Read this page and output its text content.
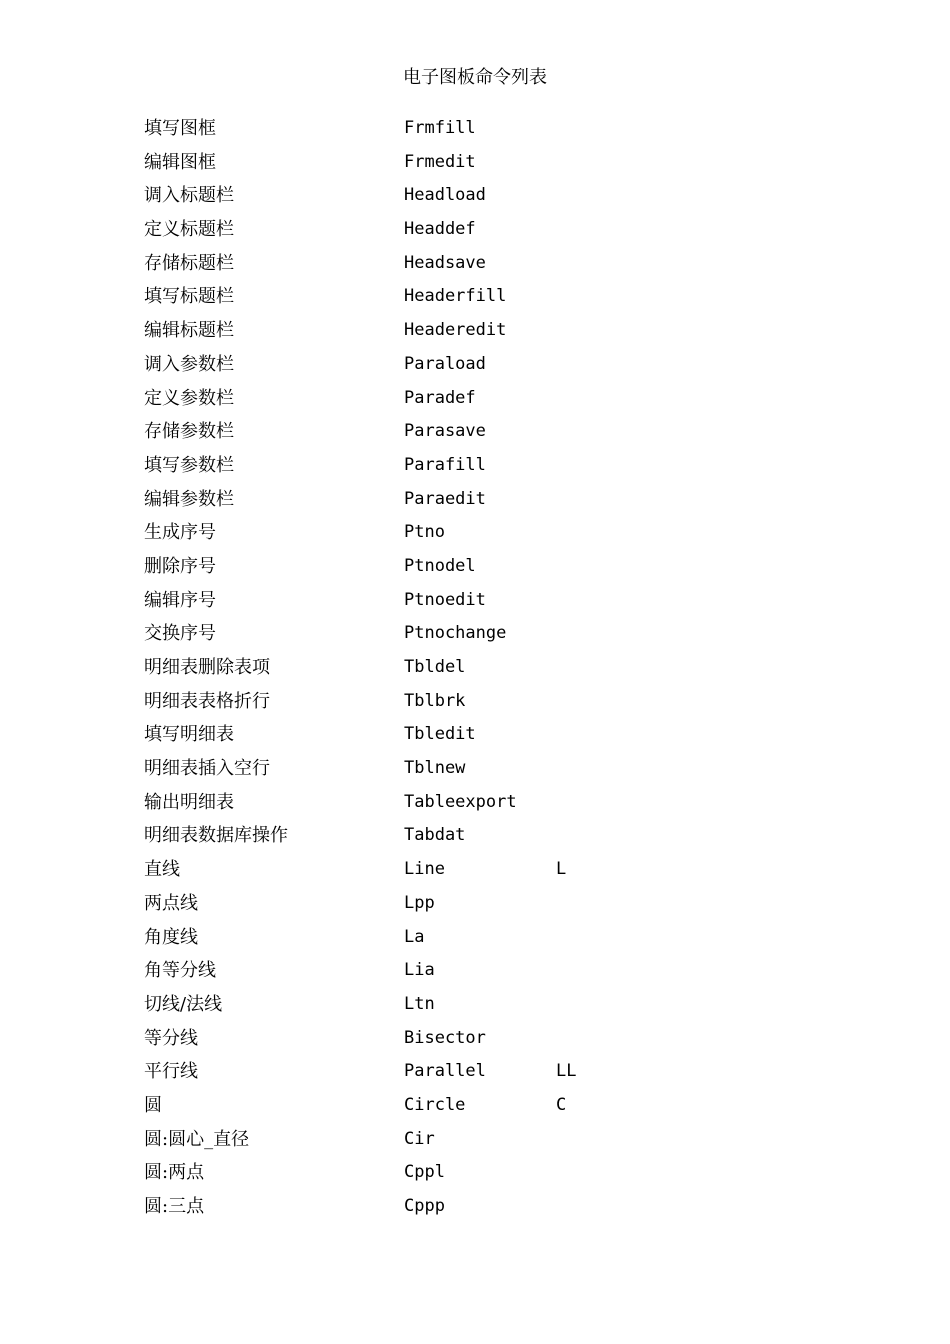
电子图板命令列表
填写图框	Frmfill
编辑图框	Frmedit
调入标题栏	Headload
定义标题栏	Headdef
存储标题栏	Headsave
填写标题栏	Headerfill
编辑标题栏	Headeredit
调入参数栏	Paraload
定义参数栏	Paradef
存储参数栏	Parasave
填写参数栏	Parafill
编辑参数栏	Paraedit
生成序号	Ptno
删除序号	Ptnodel
编辑序号	Ptnoedit
交换序号	Ptnochange
明细表删除表项	Tbldel
明细表表格折行	Tblbrk
填写明细表	Tbledit
明细表插入空行	Tblnew
输出明细表	Tableexport
明细表数据库操作	Tabdat
直线	Line	L
两点线	Lpp
角度线	La
角等分线	Lia
切线/法线	Ltn
等分线	Bisector
平行线	Parallel	LL
圆	Circle	C
圆:圆心_直径	Cir
圆:两点	Cppl
圆:三点	Cppp
